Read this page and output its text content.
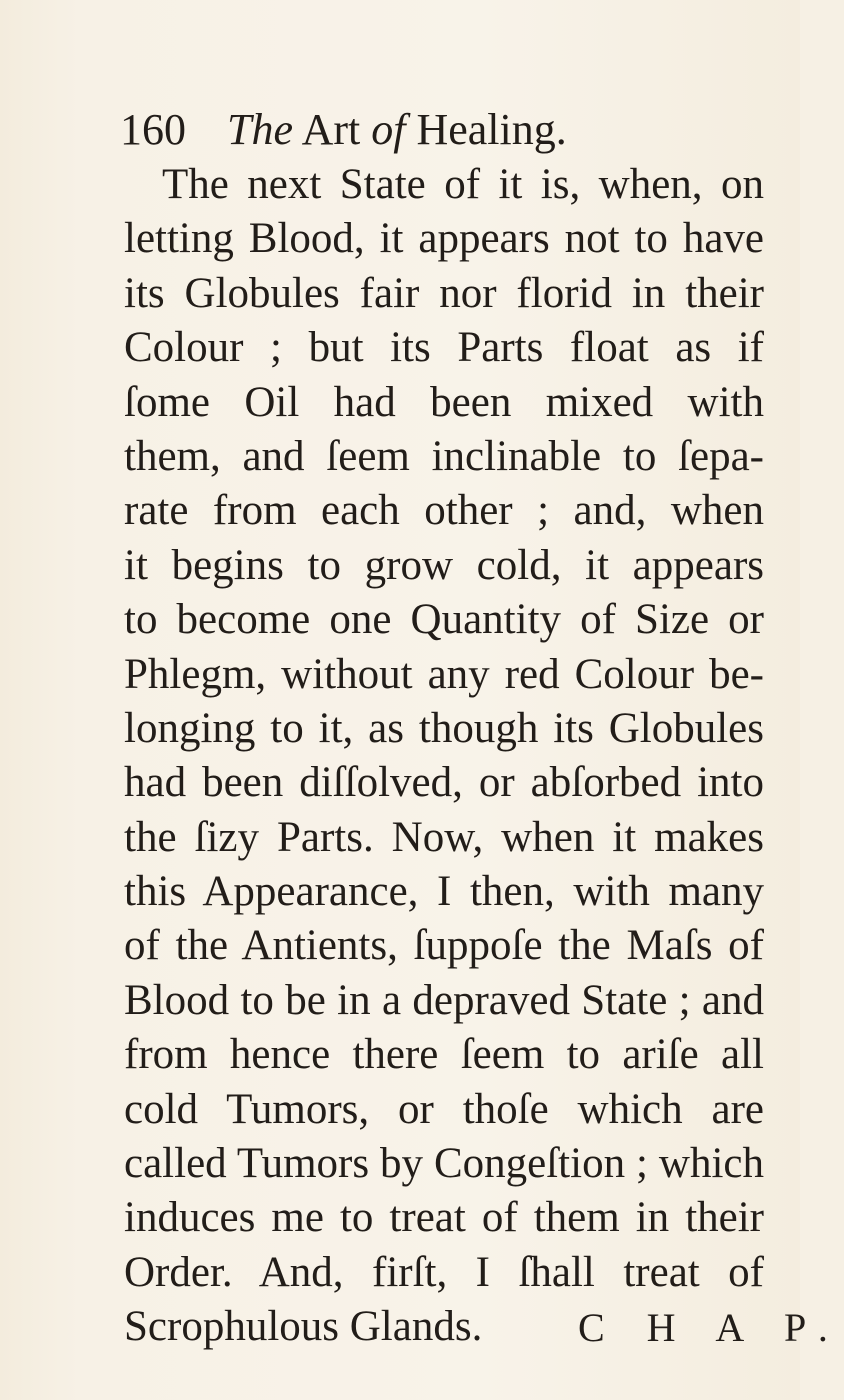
160 The Art of Healing.
The next State of it is, when, on
letting Blood, it appears not to have
its Globules fair nor florid in their
Colour ; but its Parts float as if
ſome Oil had been mixed with
them, and ſeem inclinable to ſepa-
rate from each other ; and, when
it begins to grow cold, it appears
to become one Quantity of Size or
Phlegm, without any red Colour be-
longing to it, as though its Globules
had been diſſolved, or abſorbed into
the ſizy Parts. Now, when it makes
this Appearance, I then, with many
of the Antients, ſuppoſe the Maſs of
Blood to be in a depraved State ; and
from hence there ſeem to ariſe all
cold Tumors, or thoſe which are
called Tumors by Congeſtion ; which
induces me to treat of them in their
Order. And, firſt, I ſhall treat of
Scrophulous Glands.	C H A P.
